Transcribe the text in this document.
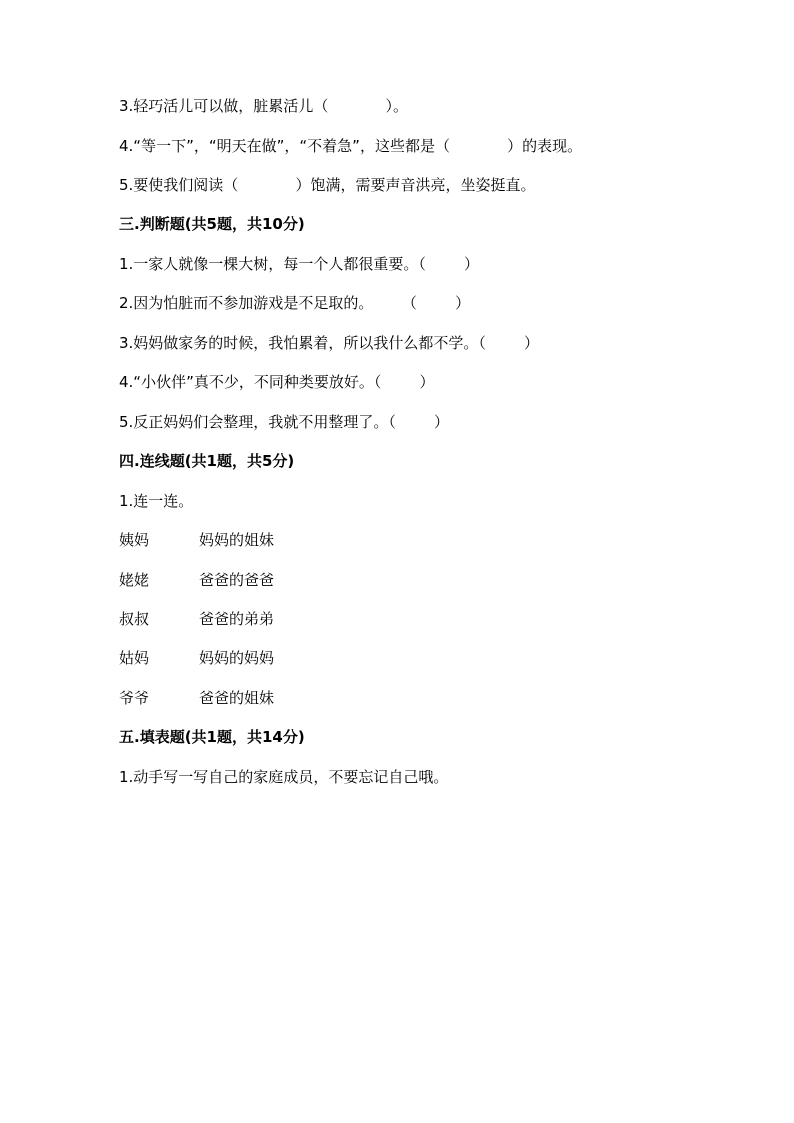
3.轻巧活儿可以做，脏累活儿（            ）。
4.“等一下”，“明天在做”，“不着急”，这些都是（            ）的表现。
5.要使我们阅读（            ）饱满，需要声音洪亮，坐姿挺直。
三.判断题(共5题，共10分)
1.一家人就像一棵大树，每一个人都很重要。（        ）
2.因为怕脏而不参加游戏是不足取的。      （        ）
3.妈妈做家务的时候，我怕累着，所以我什么都不学。（        ）
4.“小伙伴”真不少，不同种类要放好。（        ）
5.反正妈妈们会整理，我就不用整理了。（        ）
四.连线题(共1题，共5分)
1.连一连。
姨妈	妈妈的姐妹
姥姥	爸爸的爸爸
叔叔	爸爸的弟弟
姑妈	妈妈的妈妈
爷爷	爸爸的姐妹
五.填表题(共1题，共14分)
1.动手写一写自己的家庭成员，不要忘记自己哦。
